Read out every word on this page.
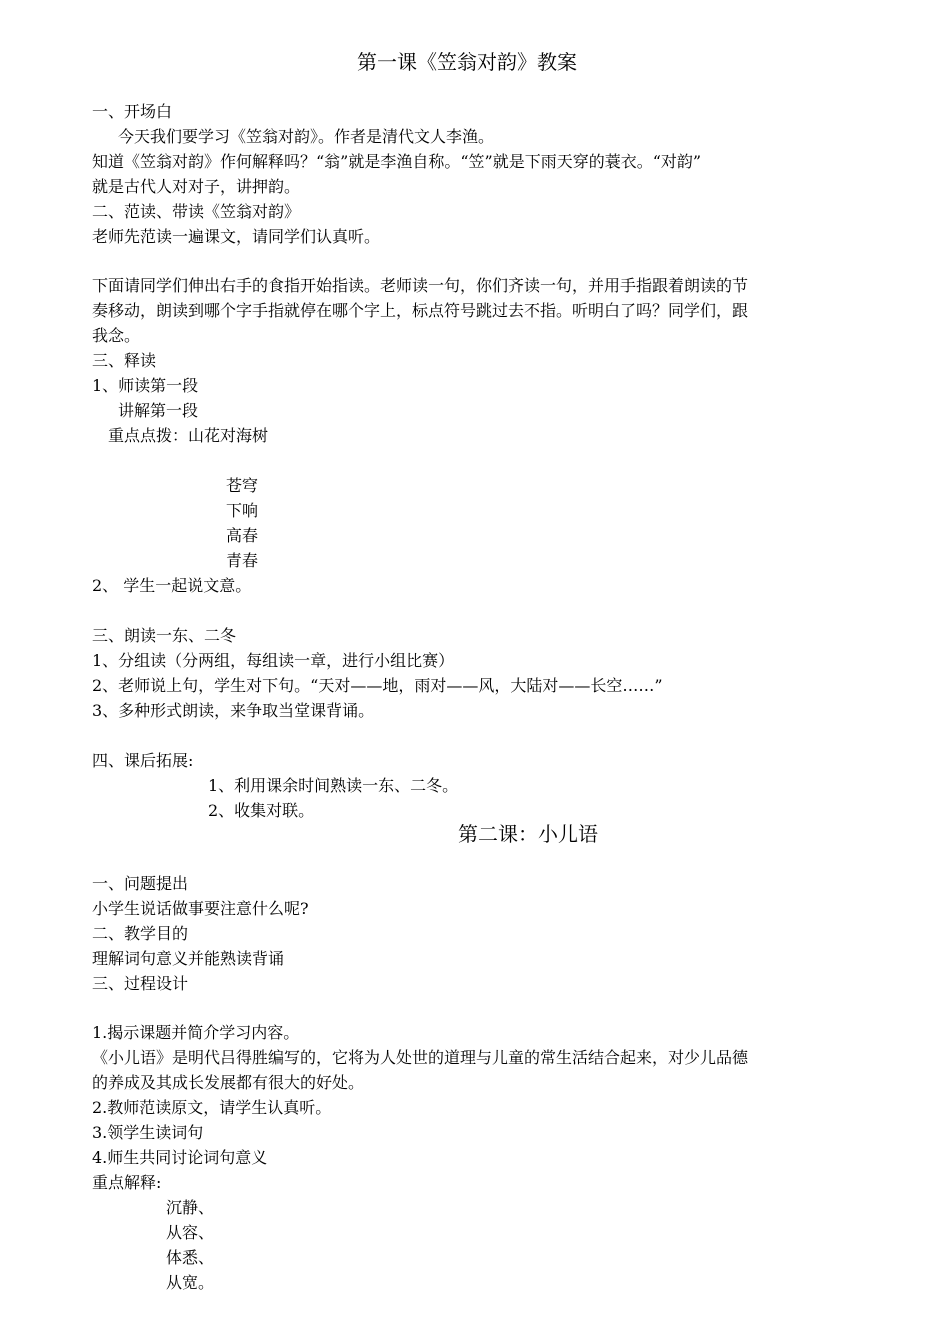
第一课《笠翁对韵》教案
一、开场白
今天我们要学习《笠翁对韵》。作者是清代文人李渔。
知道《笠翁对韵》作何解释吗？“翁”就是李渔自称。“笠”就是下雨天穿的蓑衣。“对韵”
就是古代人对对子，讲押韵。
二、范读、带读《笠翁对韵》
老师先范读一遍课文，请同学们认真听。
下面请同学们伸出右手的食指开始指读。老师读一句，你们齐读一句，并用手指跟着朗读的节
奏移动，朗读到哪个字手指就停在哪个字上，标点符号跳过去不指。听明白了吗？同学们，跟
我念。
三、释读
1、师读第一段
讲解第一段
重点点拨：山花对海树
苍穹
下响
高春
青春
2、 学生一起说文意。
三、朗读一东、二冬
1、分组读（分两组，每组读一章，进行小组比赛）
2、老师说上句，学生对下句。“天对——地，雨对——风，大陆对——长空……”
3、多种形式朗读，来争取当堂课背诵。
四、课后拓展:
1、利用课余时间熟读一东、二冬。
2、收集对联。
第二课：小儿语
一、问题提出
小学生说话做事要注意什么呢?
二、教学目的
理解词句意义并能熟读背诵
三、过程设计
1.揭示课题并简介学习内容。
《小儿语》是明代吕得胜编写的，它将为人处世的道理与儿童的常生活结合起来，对少儿品德
的养成及其成长发展都有很大的好处。
2.教师范读原文，请学生认真听。
3.领学生读词句
4.师生共同讨论词句意义
重点解释:
沉静、
从容、
体悉、
从宽。
